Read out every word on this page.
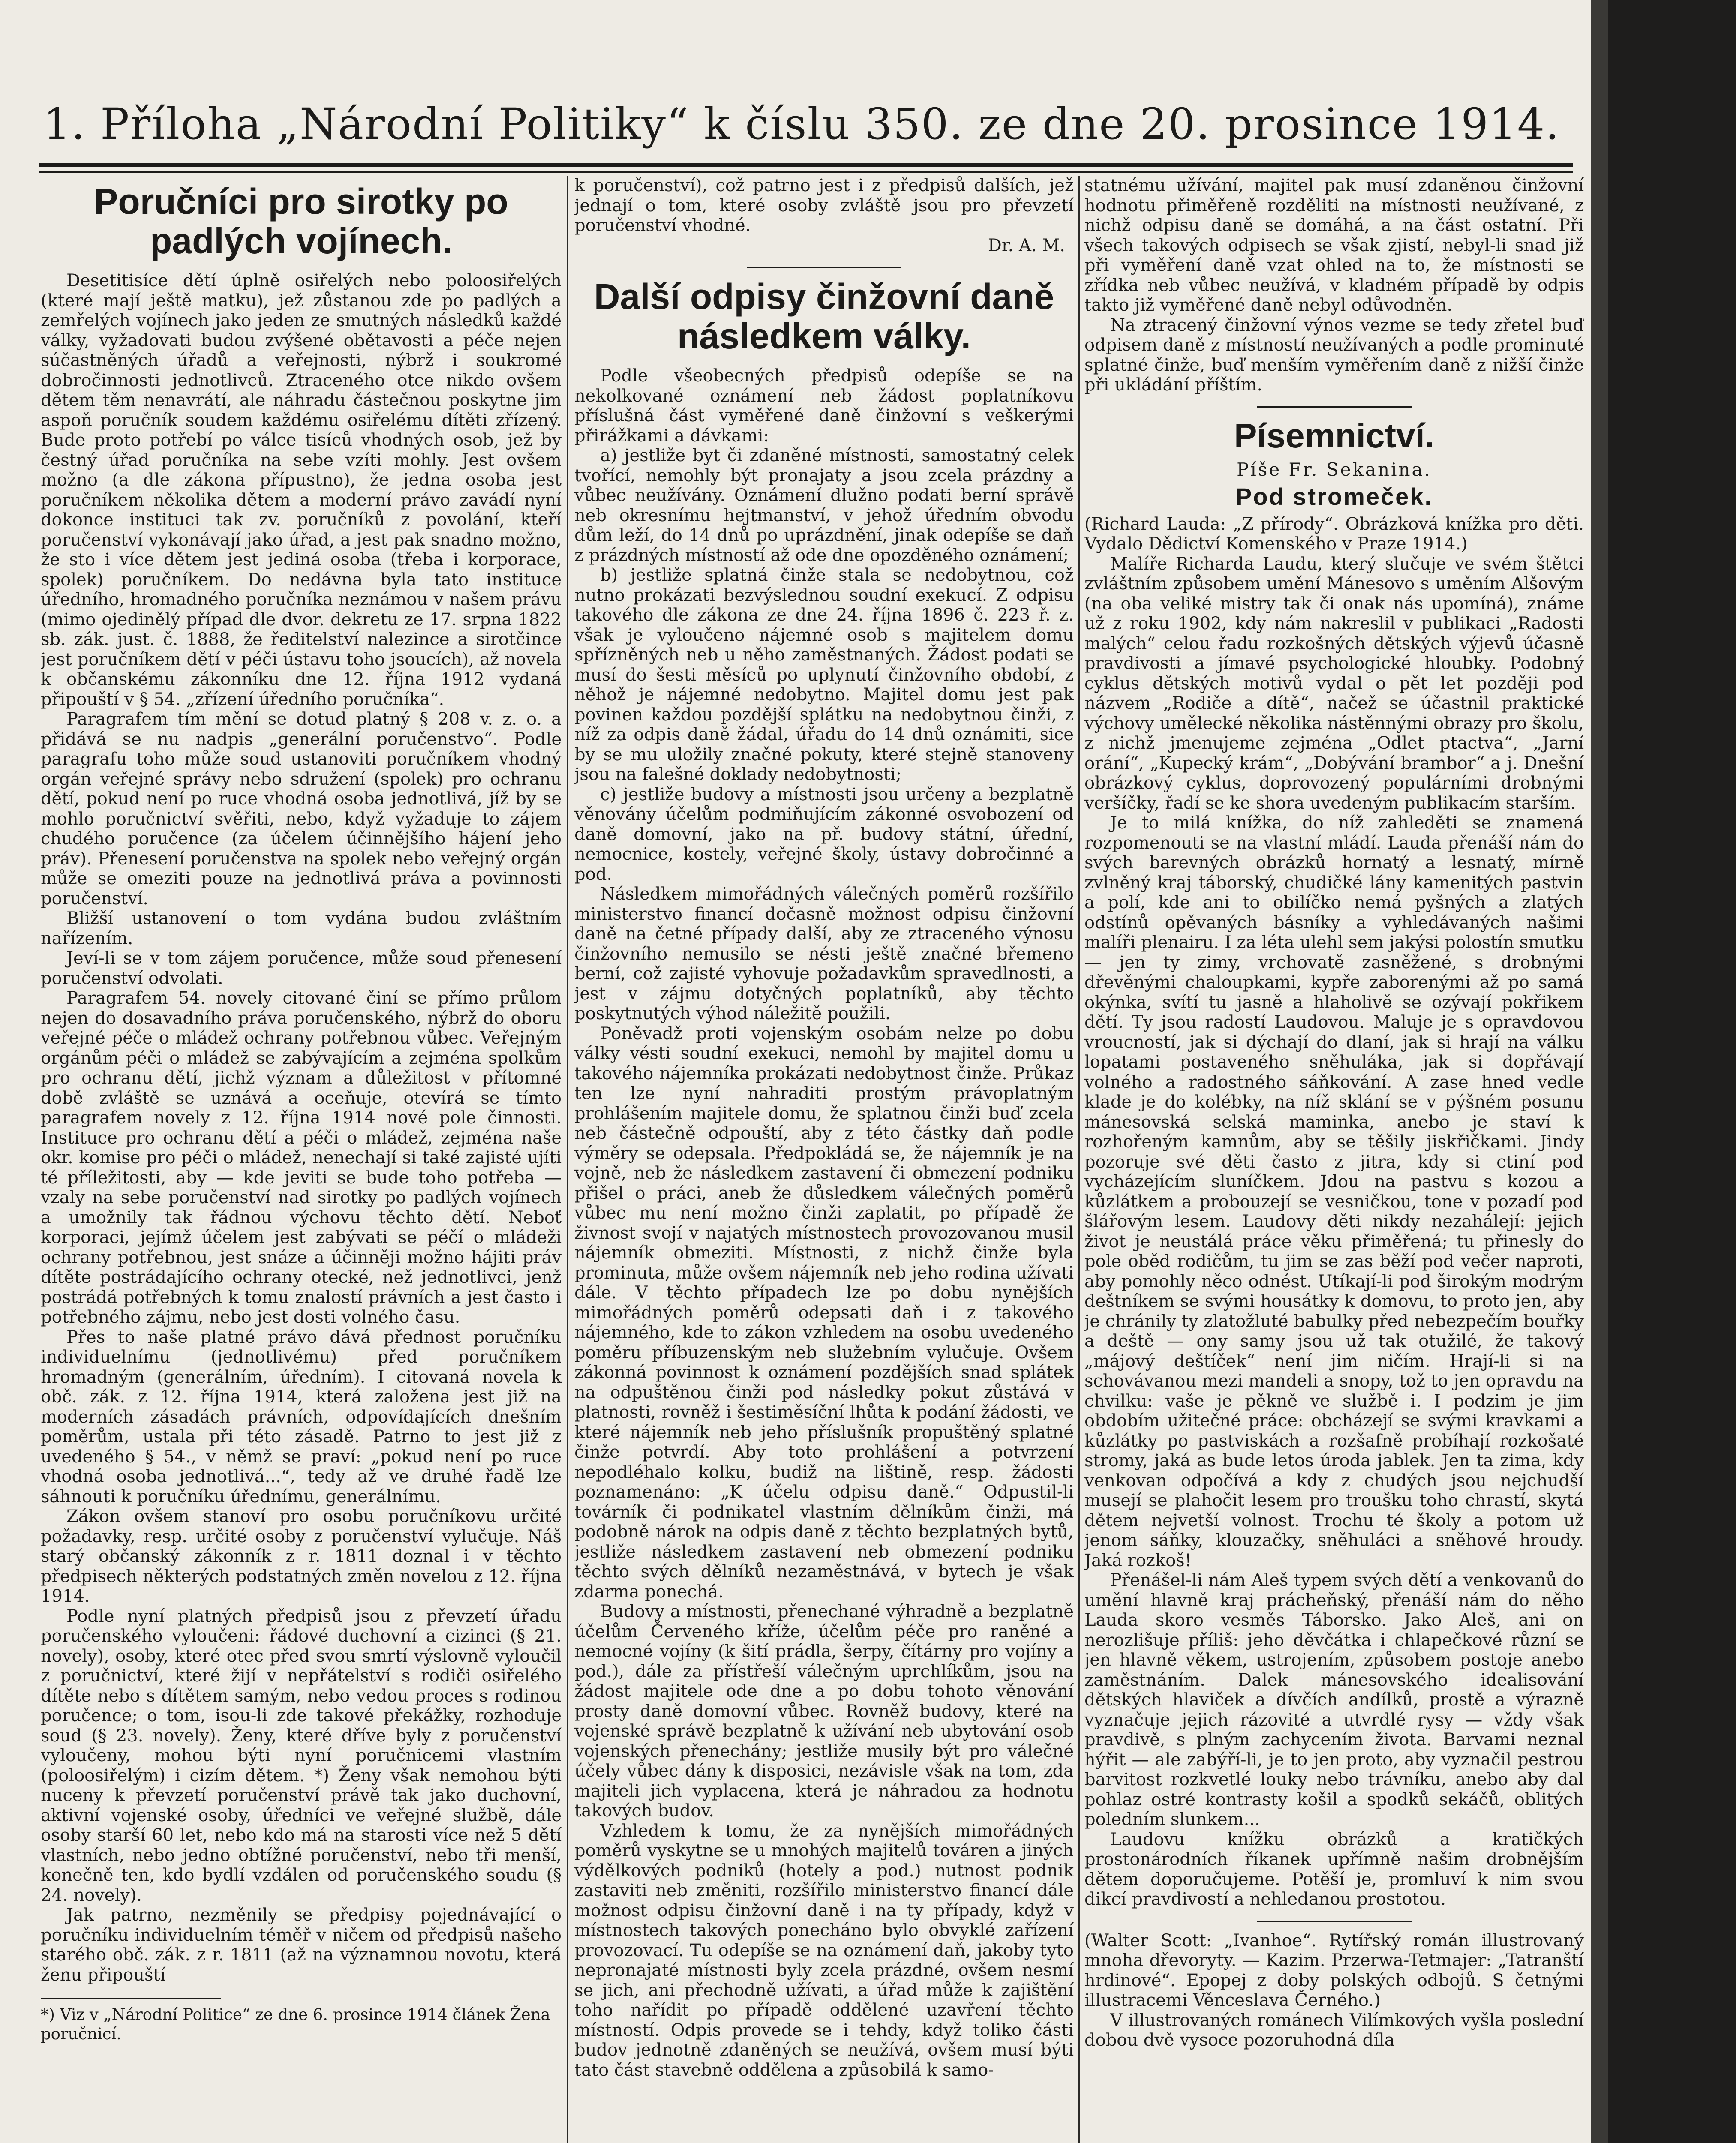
1. Příloha „Národní Politiky“ k číslu 350. ze dne 20. prosince 1914.
Poručníci pro sirotky po padlých vojínech.

Desetitisíce dětí úplně osiřelých nebo poloosiřelých (které mají ještě matku), jež zůstanou zde po padlých a zemřelých vojínech jako jeden ze smutných následků každé války, vyžadovati budou zvýšené obětavosti a péče nejen súčastněných úřadů a veřejnosti, nýbrž i soukromé dobročinnosti jednotlivců. Ztraceného otce nikdo ovšem dětem těm nenavrátí, ale náhradu částečnou poskytne jim aspoň poručník soudem každému osiřelému dítěti zřízený. Bude proto potřebí po válce tisíců vhodných osob, jež by čestný úřad poručníka na sebe vzíti mohly. Jest ovšem možno (a dle zákona přípustno), že jedna osoba jest poručníkem několika dětem a moderní právo zavádí nyní dokonce instituci tak zv. poručníků z povolání, kteří poručenství vykonávají jako úřad, a jest pak snadno možno, že sto i více dětem jest jediná osoba (třeba i korporace, spolek) poručníkem. Do nedávna byla tato instituce úředního, hromadného poručníka neznámou v našem právu (mimo ojedinělý případ dle dvor. dekretu ze 17. srpna 1822 sb. zák. just. č. 1888, že ředitelství nalezince a sirotčince jest poručníkem dětí v péči ústavu toho jsoucích), až novela k občanskému zákonníku dne 12. října 1912 vydaná připouští v § 54. „zřízení úředního poručníka“.

Paragrafem tím mění se dotud platný § 208 v. z. o. a přidává se nu nadpis „generální poručenstvo“. Podle paragrafu toho může soud ustanoviti poručníkem vhodný orgán veřejné správy nebo sdružení (spolek) pro ochranu dětí, pokud není po ruce vhodná osoba jednotlivá, jíž by se mohlo poručnictví svěřiti, nebo, když vyžaduje to zájem chudého poručence (za účelem účinnějšího hájení jeho práv). Přenesení poručenstva na spolek nebo veřejný orgán může se omeziti pouze na jednotlivá práva a povinnosti poručenství.

Bližší ustanovení o tom vydána budou zvláštním nařízením.

Jeví-li se v tom zájem poručence, může soud přenesení poručenství odvolati.

Paragrafem 54. novely citované činí se přímo průlom nejen do dosavadního práva poručenského, nýbrž do oboru veřejné péče o mládež ochrany potřebnou vůbec. Veřejným orgánům péči o mládež se zabývajícím a zejména spolkům pro ochranu dětí, jichž význam a důležitost v přítomné době zvláště se uznává a oceňuje, otevírá se tímto paragrafem novely z 12. října 1914 nové pole činnosti. Instituce pro ochranu dětí a péči o mládež, zejména naše okr. komise pro péči o mládež, nenechají si také zajisté ujíti té příležitosti, aby — kde jeviti se bude toho potřeba — vzaly na sebe poručenství nad sirotky po padlých vojínech a umožnily tak řádnou výchovu těchto dětí. Neboť korporaci, jejímž účelem jest zabývati se péčí o mládeži ochrany potřebnou, jest snáze a účinněji možno hájiti práv dítěte postrádajícího ochrany otecké, než jednotlivci, jenž postrádá potřebných k tomu znalostí právních a jest často i potřebného zájmu, nebo jest dosti volného času.

Přes to naše platné právo dává přednost poručníku individuelnímu (jednotlivému) před poručníkem hromadným (generálním, úředním). I citovaná novela k obč. zák. z 12. října 1914, která založena jest již na moderních zásadách právních, odpovídajících dnešním poměrům, ustala při této zásadě. Patrno to jest již z uvedeného § 54., v němž se praví: „pokud není po ruce vhodná osoba jednotlivá...“, tedy až ve druhé řadě lze sáhnouti k poručníku úřednímu, generálnímu.

Zákon ovšem stanoví pro osobu poručníkovu určité požadavky, resp. určité osoby z poručenství vylučuje. Náš starý občanský zákonník z r. 1811 doznal i v těchto předpisech některých podstatných změn novelou z 12. října 1914.

Podle nyní platných předpisů jsou z převzetí úřadu poručenského vyloučeni: řádové duchovní a cizinci (§ 21. novely), osoby, které otec před svou smrtí výslovně vyloučil z poručnictví, které žijí v nepřátelství s rodiči osiřelého dítěte nebo s dítětem samým, nebo vedou proces s rodinou poručence; o tom, isou-li zde takové překážky, rozhoduje soud (§ 23. novely). Ženy, které dříve byly z poručenství vyloučeny, mohou býti nyní poručnicemi vlastním (poloosiřelým) i cizím dětem. *) Ženy však nemohou býti nuceny k převzetí poručenství právě tak jako duchovní, aktivní vojenské osoby, úředníci ve veřejné službě, dále osoby starší 60 let, nebo kdo má na starosti více než 5 dětí vlastních, nebo jedno obtížné poručenství, nebo tři menší, konečně ten, kdo bydlí vzdálen od poručenského soudu (§ 24. novely).

Jak patrno, nezměnily se předpisy pojednávající o poručníku individuelním téměř v ničem od předpisů našeho starého obč. zák. z r. 1811 (až na významnou novotu, která ženu připouští

*) Viz v „Národní Politice“ ze dne 6. prosince 1914 článek Žena poručnicí.

k poručenství), což patrno jest i z předpisů dalších, jež jednají o tom, které osoby zvláště jsou pro převzetí poručenství vhodné.

Dr. A. M.

Další odpisy činžovní daně následkem války.

Podle všeobecných předpisů odepíše se na nekolkované oznámení neb žádost poplatníkovu příslušná část vyměřené daně činžovní s veškerými přirážkami a dávkami:

a) jestliže byt či zdaněné místnosti, samostatný celek tvořící, nemohly být pronajaty a jsou zcela prázdny a vůbec neužívány. Oznámení dlužno podati berní správě neb okresnímu hejtmanství, v jehož úředním obvodu dům leží, do 14 dnů po uprázdnění, jinak odepíše se daň z prázdných místností až ode dne opozděného oznámení;

b) jestliže splatná činže stala se nedobytnou, což nutno prokázati bezvýslednou soudní exekucí. Z odpisu takového dle zákona ze dne 24. října 1896 č. 223 ř. z. však je vyloučeno nájemné osob s majitelem domu spřízněných neb u něho zaměstnaných. Žádost podati se musí do šesti měsíců po uplynutí činžovního období, z něhož je nájemné nedobytno. Majitel domu jest pak povinen každou pozdější splátku na nedobytnou činži, z níž za odpis daně žádal, úřadu do 14 dnů oznámiti, sice by se mu uložily značné pokuty, které stejně stanoveny jsou na falešné doklady nedobytnosti;

c) jestliže budovy a místnosti jsou určeny a bezplatně věnovány účelům podmiňujícím zákonné osvobození od daně domovní, jako na př. budovy státní, úřední, nemocnice, kostely, veřejné školy, ústavy dobročinné a pod.

Následkem mimořádných válečných poměrů rozšířilo ministerstvo financí dočasně možnost odpisu činžovní daně na četné případy další, aby ze ztraceného výnosu činžovního nemusilo se nésti ještě značné břemeno berní, což zajisté vyhovuje požadavkům spravedlnosti, a jest v zájmu dotyčných poplatníků, aby těchto poskytnutých výhod náležitě použili.

Poněvadž proti vojenským osobám nelze po dobu války vésti soudní exekuci, nemohl by majitel domu u takového nájemníka prokázati nedobytnost činže. Průkaz ten lze nyní nahraditi prostým právoplatným prohlášením majitele domu, že splatnou činži buď zcela neb částečně odpouští, aby z této částky daň podle výměry se odepsala. Předpokládá se, že nájemník je na vojně, neb že následkem zastavení či obmezení podniku přišel o práci, aneb že důsledkem válečných poměrů vůbec mu není možno činži zaplatit, po případě že živnost svojí v najatých místnostech provozovanou musil nájemník obmeziti. Místnosti, z nichž činže byla prominuta, může ovšem nájemník neb jeho rodina užívati dále. V těchto případech lze po dobu nynějších mimořádných poměrů odepsati daň i z takového nájemného, kde to zákon vzhledem na osobu uvedeného poměru příbuzenským neb služebním vylučuje. Ovšem zákonná povinnost k oznámení pozdějších snad splátek na odpuštěnou činži pod následky pokut zůstává v platnosti, rovněž i šestiměsíční lhůta k podání žádosti, ve které nájemník neb jeho příslušník propuštěný splatné činže potvrdí. Aby toto prohlášení a potvrzení nepodléhalo kolku, budiž na lištině, resp. žádosti poznamenáno: „K účelu odpisu daně.“ Odpustil-li továrník či podnikatel vlastním dělníkům činži, má podobně nárok na odpis daně z těchto bezplatných bytů, jestliže následkem zastavení neb obmezení podniku těchto svých dělníků nezaměstnává, v bytech je však zdarma ponechá.

Budovy a místnosti, přenechané výhradně a bezplatně účelům Červeného kříže, účelům péče pro raněné a nemocné vojíny (k šití prádla, šerpy, čítárny pro vojíny a pod.), dále za přístřeší válečným uprchlíkům, jsou na žádost majitele ode dne a po dobu tohoto věnování prosty daně domovní vůbec. Rovněž budovy, které na vojenské správě bezplatně k užívání neb ubytování osob vojenských přenechány; jestliže musily být pro válečné účely vůbec dány k disposici, nezávisle však na tom, zda majiteli jich vyplacena, která je náhradou za hodnotu takových budov.

Vzhledem k tomu, že za nynějších mimořádných poměrů vyskytne se u mnohých majitelů továren a jiných výdělkových podniků (hotely a pod.) nutnost podnik zastaviti neb změniti, rozšířilo ministerstvo financí dále možnost odpisu činžovní daně i na ty případy, když v místnostech takových ponecháno bylo obvyklé zařízení provozovací. Tu odepíše se na oznámení daň, jakoby tyto nepronajaté místnosti byly zcela prázdné, ovšem nesmí se jich, ani přechodně užívati, a úřad může k zajištění toho nařídit po případě oddělené uzavření těchto místností. Odpis provede se i tehdy, když toliko části budov jednotně zdaněných se neužívá, ovšem musí býti tato část stavebně oddělena a způsobilá k samo-

statnému užívání, majitel pak musí zdaněnou činžovní hodnotu přiměřeně rozděliti na místnosti neužívané, z nichž odpisu daně se domáhá, a na část ostatní. Při všech takových odpisech se však zjistí, nebyl-li snad již při vyměření daně vzat ohled na to, že místnosti se zřídka neb vůbec neužívá, v kladném případě by odpis takto již vyměřené daně nebyl odůvodněn.

Na ztracený činžovní výnos vezme se tedy zřetel buď odpisem daně z místností neužívaných a podle prominuté splatné činže, buď menším vyměřením daně z nižší činže při ukládání příštím.

Písemnictví.

Píše Fr. Sekanina.

Pod stromeček.

(Richard Lauda: „Z přírody“. Obrázková knížka pro děti. Vydalo Dědictví Komenského v Praze 1914.)

Malíře Richarda Laudu, který slučuje ve svém štětci zvláštním způsobem umění Mánesovo s uměním Alšovým (na oba veliké mistry tak či onak nás upomíná), známe už z roku 1902, kdy nám nakreslil v publikaci „Radosti malých“ celou řadu rozkošných dětských výjevů účasně pravdivosti a jímavé psychologické hloubky. Podobný cyklus dětských motivů vydal o pět let později pod názvem „Rodiče a dítě“, načež se účastnil praktické výchovy umělecké několika nástěnnými obrazy pro školu, z nichž jmenujeme zejména „Odlet ptactva“, „Jarní orání“, „Kupecký krám“, „Dobývání brambor“ a j. Dnešní obrázkový cyklus, doprovozený populárními drobnými veršíčky, řadí se ke shora uvedeným publikacím starším.

Je to milá knížka, do níž zahleděti se znamená rozpomenouti se na vlastní mládí. Lauda přenáší nám do svých barevných obrázků hornatý a lesnatý, mírně zvlněný kraj táborský, chudičké lány kamenitých pastvin a polí, kde ani to obilíčko nemá pyšných a zlatých odstínů opěvaných básníky a vyhledávaných našimi malíři plenairu. I za léta ulehl sem jakýsi polostín smutku — jen ty zimy, vrchovatě zasněžené, s drobnými dřevěnými chaloupkami, kypře zaborenými až po samá okýnka, svítí tu jasně a hlaholivě se ozývají pokřikem dětí. Ty jsou radostí Laudovou. Maluje je s opravdovou vroucností, jak si dýchají do dlaní, jak si hrají na válku lopatami postaveného sněhuláka, jak si dopřávají volného a radostného sáňkování. A zase hned vedle klade je do kolébky, na níž sklání se v pýšném posunu mánesovská selská maminka, anebo je staví k rozhořeným kamnům, aby se těšily jiskřičkami. Jindy pozoruje své děti často z jitra, kdy si ctiní pod vycházejícím sluníčkem. Jdou na pastvu s kozou a kůzlátkem a probouzejí se vesničkou, tone v pozadí pod šlářovým lesem. Laudovy děti nikdy nezahálejí: jejich život je neustálá práce věku přiměřená; tu přinesly do pole oběd rodičům, tu jim se zas běží pod večer naproti, aby pomohly něco odnést. Utíkají-li pod širokým modrým deštníkem se svými housátky k domovu, to proto jen, aby je chránily ty zlatožluté babulky před nebezpečím bouřky a deště — ony samy jsou už tak otužilé, že takový „májový deštíček“ není jim ničím. Hrají-li si na schovávanou mezi mandeli a snopy, tož to jen opravdu na chvilku: vaše je pěkně ve službě i. I podzim je jim obdobím užitečné práce: obcházejí se svými kravkami a kůzlátky po pastviskách a rozšafně probíhají rozkošaté stromy, jaká as bude letos úroda jablek. Jen ta zima, kdy venkovan odpočívá a kdy z chudých jsou nejchudší musejí se plahočit lesem pro troušku toho chrastí, skytá dětem nejvetší volnost. Trochu té školy a potom už jenom sáňky, klouzačky, sněhuláci a sněhové hroudy. Jaká rozkoš!

Přenášel-li nám Aleš typem svých dětí a venkovanů do umění hlavně kraj prácheňský, přenáší nám do něho Lauda skoro vesměs Táborsko. Jako Aleš, ani on nerozlišuje příliš: jeho děvčátka i chlapečkové různí se jen hlavně věkem, ustrojením, způsobem postoje anebo zaměstnáním. Dalek mánesovského idealisování dětských hlaviček a dívčích andílků, prostě a výrazně vyznačuje jejich rázovité a utvrdlé rysy — vždy však pravdivě, s plným zachycením života. Barvami neznal hýřit — ale zabýří-li, je to jen proto, aby vyznačil pestrou barvitost rozkvetlé louky nebo trávníku, anebo aby dal pohlaz ostré kontrasty košil a spodků sekáčů, oblitých poledním slunkem...

Laudovu knížku obrázků a kratičkých prostonárodních říkanek upřímně našim drobnějším dětem doporučujeme. Potěší je, promluví k nim svou dikcí pravdivostí a nehledanou prostotou.

(Walter Scott: „Ivanhoe“. Rytířský román illustrovaný mnoha dřevoryty. — Kazim. Przerwa-Tetmajer: „Tatranští hrdinové“. Epopej z doby polských odbojů. S četnými illustracemi Věnceslava Černého.)

V illustrovaných románech Vilímkových vyšla poslední dobou dvě vysoce pozoruhodná díla
